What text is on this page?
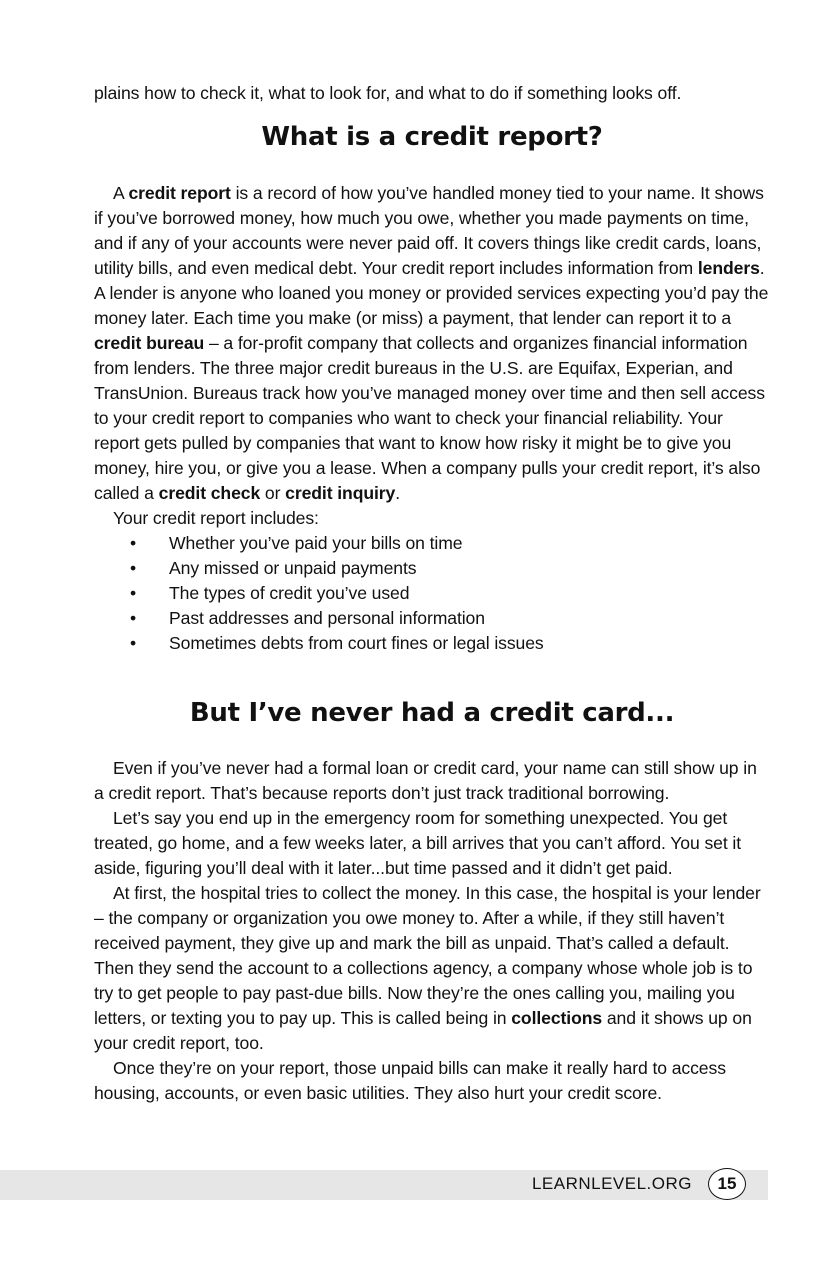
plains how to check it, what to look for, and what to do if something looks off.

What is a credit report?

A credit report is a record of how you’ve handled money tied to your name. It shows if you’ve borrowed money, how much you owe, whether you made payments on time, and if any of your accounts were never paid off. It covers things like credit cards, loans, utility bills, and even medical debt. Your credit report includes information from lenders. A lender is anyone who loaned you money or provided services expecting you’d pay the money later. Each time you make (or miss) a payment, that lender can report it to a credit bureau – a for-profit company that collects and organizes financial information from lenders. The three major credit bureaus in the U.S. are Equifax, Experian, and TransUnion. Bureaus track how you’ve managed money over time and then sell access to your credit report to companies who want to check your financial reliability. Your report gets pulled by companies that want to know how risky it might be to give you money, hire you, or give you a lease. When a company pulls your credit report, it’s also called a credit check or credit inquiry.

Your credit report includes:

• Whether you’ve paid your bills on time
• Any missed or unpaid payments
• The types of credit you’ve used
• Past addresses and personal information
• Sometimes debts from court fines or legal issues
But I’ve never had a credit card...

Even if you’ve never had a formal loan or credit card, your name can still show up in a credit report. That’s because reports don’t just track traditional borrowing.

Let’s say you end up in the emergency room for something unexpected. You get treated, go home, and a few weeks later, a bill arrives that you can’t afford. You set it aside, figuring you’ll deal with it later...but time passed and it didn’t get paid.

At first, the hospital tries to collect the money. In this case, the hospital is your lender – the company or organization you owe money to. After a while, if they still haven’t received payment, they give up and mark the bill as unpaid. That’s called a default. Then they send the account to a collections agency, a company whose whole job is to try to get people to pay past-due bills. Now they’re the ones calling you, mailing you letters, or texting you to pay up. This is called being in collections and it shows up on your credit report, too.

Once they’re on your report, those unpaid bills can make it really hard to access housing, accounts, or even basic utilities. They also hurt your credit score.

LEARNLEVEL.ORG	15
